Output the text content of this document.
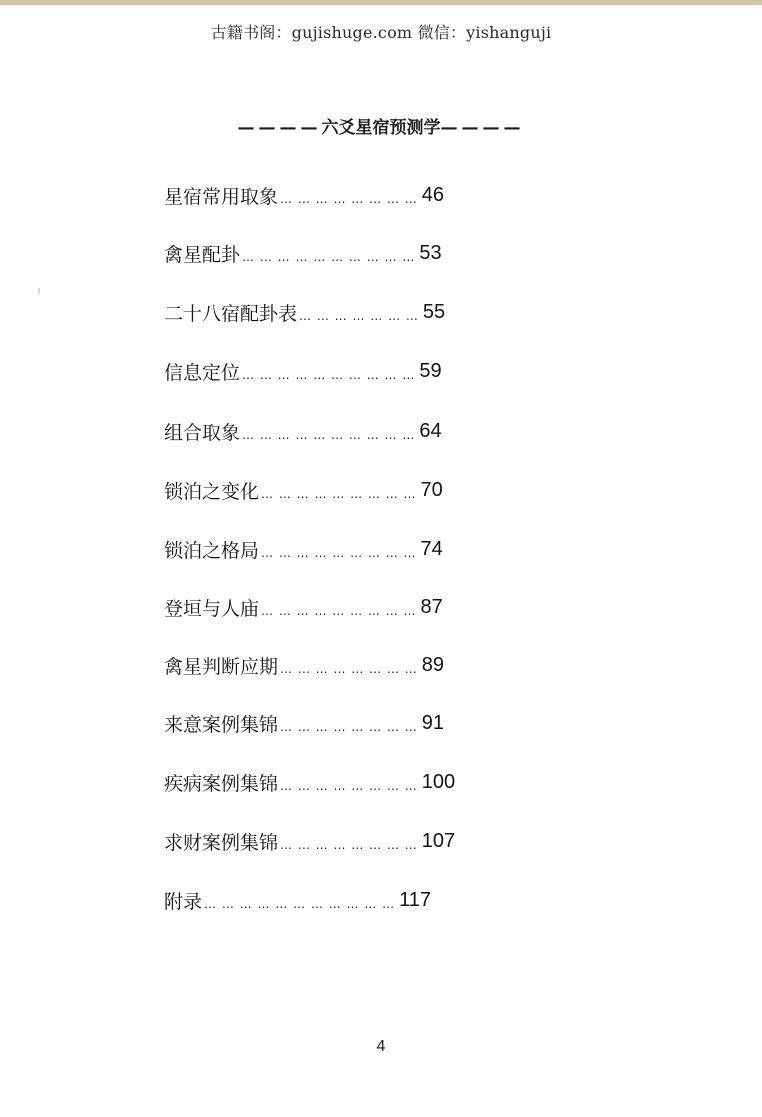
古籍书阁：gujishuge.com 微信：yishanguji
————六爻星宿预测学————
星宿常用取象 … … … … … … … … 46
禽星配卦 … … … … … … … … … … 53
二十八宿配卦表 … … … … … … … 55
信息定位 … … … … … … … … … … 59
组合取象 … … … … … … … … … … 64
锁泊之变化 … … … … … … … … … 70
锁泊之格局 … … … … … … … … … 74
登垣与人庙 … … … … … … … … … 87
禽星判断应期 … … … … … … … … 89
来意案例集锦 … … … … … … … … 91
疾病案例集锦 … … … … … … … … 100
求财案例集锦 … … … … … … … … 107
附录 … … … … … … … … … … … 117
4
